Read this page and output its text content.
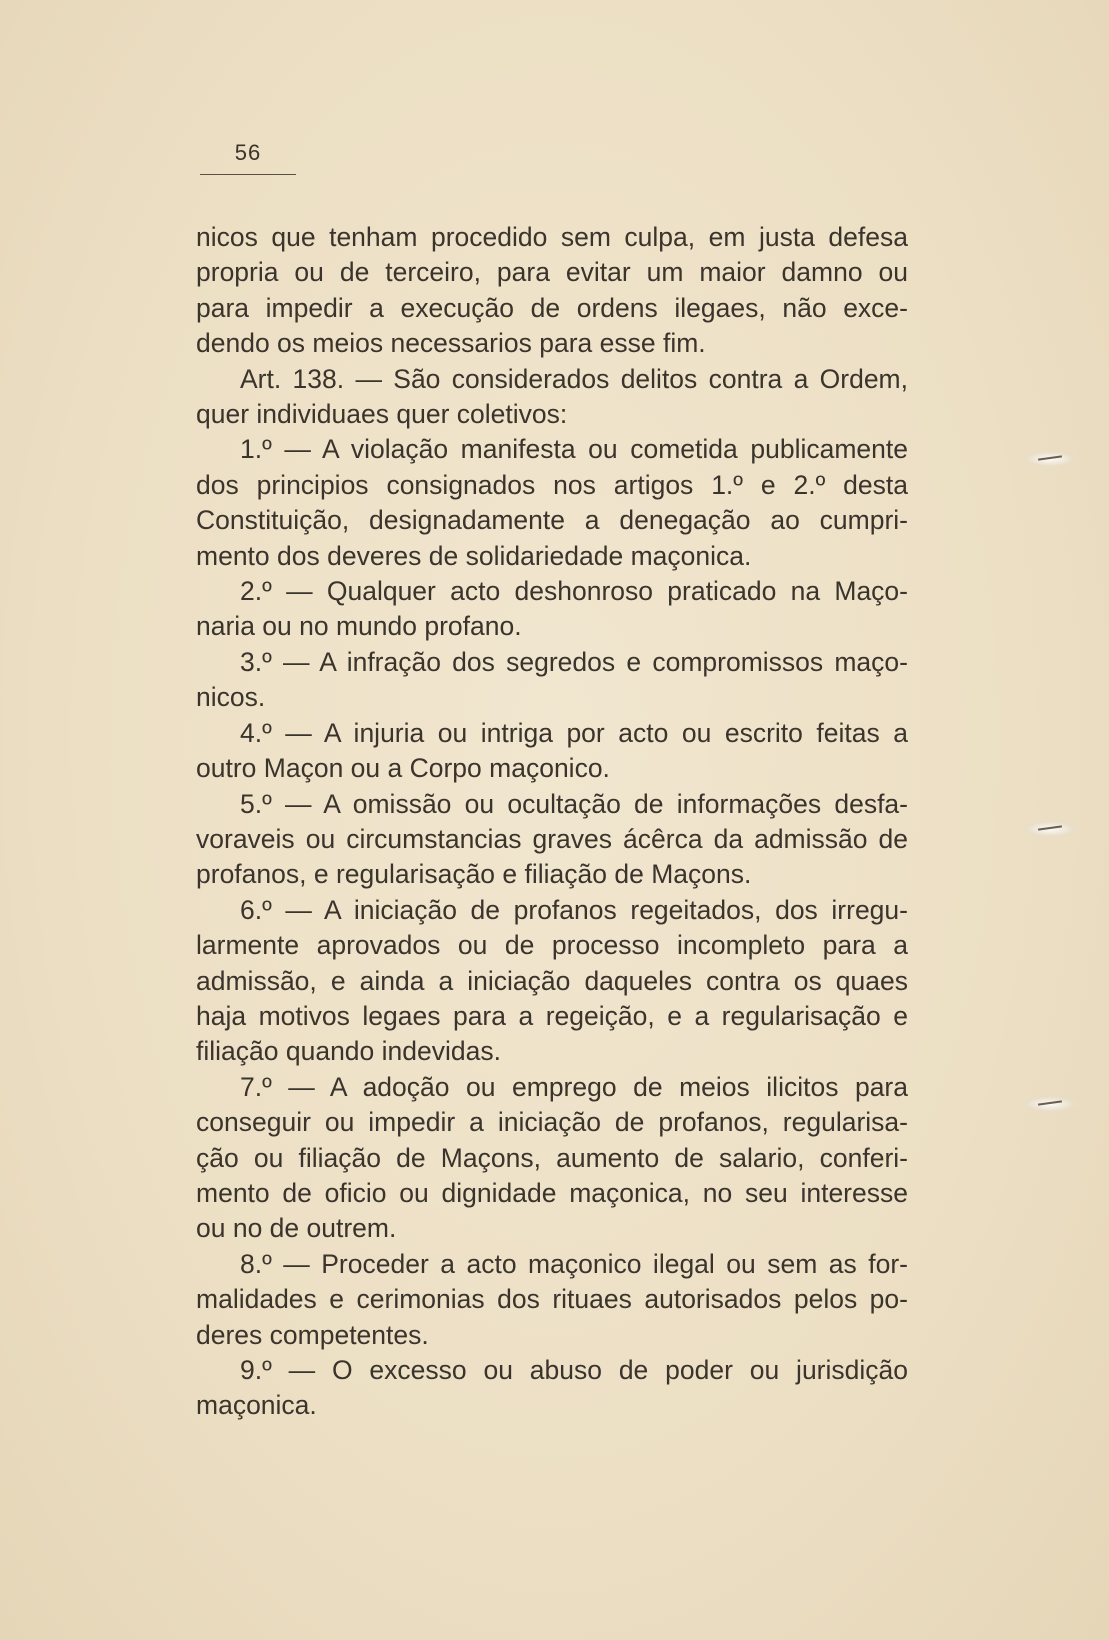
56
nicos que tenham procedido sem culpa, em justa defesa
propria ou de terceiro, para evitar um maior damno ou
para impedir a execução de ordens ilegaes, não exce-
dendo os meios necessarios para esse fim.
Art. 138. — São considerados delitos contra a Ordem,
quer individuaes quer coletivos:
1.º — A violação manifesta ou cometida publicamente
dos principios consignados nos artigos 1.º e 2.º desta
Constituição, designadamente a denegação ao cumpri-
mento dos deveres de solidariedade maçonica.
2.º — Qualquer acto deshonroso praticado na Maço-
naria ou no mundo profano.
3.º — A infração dos segredos e compromissos maço-
nicos.
4.º — A injuria ou intriga por acto ou escrito feitas a
outro Maçon ou a Corpo maçonico.
5.º — A omissão ou ocultação de informações desfa-
voraveis ou circumstancias graves ácêrca da admissão de
profanos, e regularisação e filiação de Maçons.
6.º — A iniciação de profanos regeitados, dos irregu-
larmente aprovados ou de processo incompleto para a
admissão, e ainda a iniciação daqueles contra os quaes
haja motivos legaes para a regeição, e a regularisação e
filiação quando indevidas.
7.º — A adoção ou emprego de meios ilicitos para
conseguir ou impedir a iniciação de profanos, regularisa-
ção ou filiação de Maçons, aumento de salario, conferi-
mento de oficio ou dignidade maçonica, no seu interesse
ou no de outrem.
8.º — Proceder a acto maçonico ilegal ou sem as for-
malidades e cerimonias dos rituaes autorisados pelos po-
deres competentes.
9.º — O excesso ou abuso de poder ou jurisdição
maçonica.
